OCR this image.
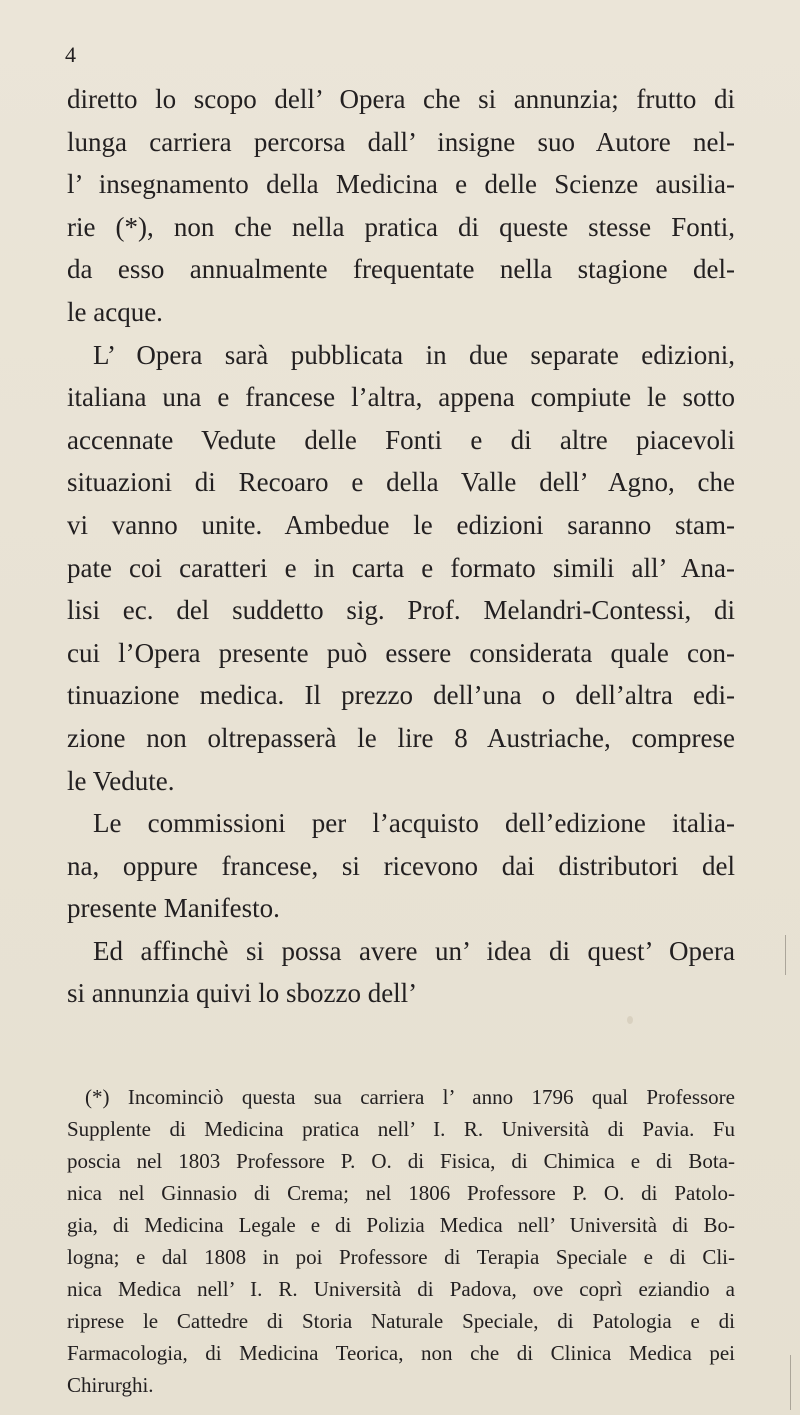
4
diretto lo scopo dell’ Opera che si annunzia; frutto di
lunga carriera percorsa dall’ insigne suo Autore nel-
l’ insegnamento della Medicina e delle Scienze ausilia-
rie (*), non che nella pratica di queste stesse Fonti,
da esso annualmente frequentate nella stagione del-
le acque.
L’ Opera sarà pubblicata in due separate edizioni,
italiana una e francese l’altra, appena compiute le sotto
accennate Vedute delle Fonti e di altre piacevoli
situazioni di Recoaro e della Valle dell’ Agno, che
vi vanno unite. Ambedue le edizioni saranno stam-
pate coi caratteri e in carta e formato simili all’ Ana-
lisi ec. del suddetto sig. Prof. Melandri-Contessi, di
cui l’Opera presente può essere considerata quale con-
tinuazione medica. Il prezzo dell’una o dell’altra edi-
zione non oltrepasserà le lire 8 Austriache, comprese
le Vedute.
Le commissioni per l’acquisto dell’edizione italia-
na, oppure francese, si ricevono dai distributori del
presente Manifesto.
Ed affinchè si possa avere un’ idea di quest’ Opera
si annunzia quivi lo sbozzo dell’
(*) Incominciò questa sua carriera l’ anno 1796 qual Professore
Supplente di Medicina pratica nell’ I. R. Università di Pavia. Fu
poscia nel 1803 Professore P. O. di Fisica, di Chimica e di Bota-
nica nel Ginnasio di Crema; nel 1806 Professore P. O. di Patolo-
gia, di Medicina Legale e di Polizia Medica nell’ Università di Bo-
logna; e dal 1808 in poi Professore di Terapia Speciale e di Cli-
nica Medica nell’ I. R. Università di Padova, ove coprì eziandio a
riprese le Cattedre di Storia Naturale Speciale, di Patologia e di
Farmacologia, di Medicina Teorica, non che di Clinica Medica pei
Chirurghi.
